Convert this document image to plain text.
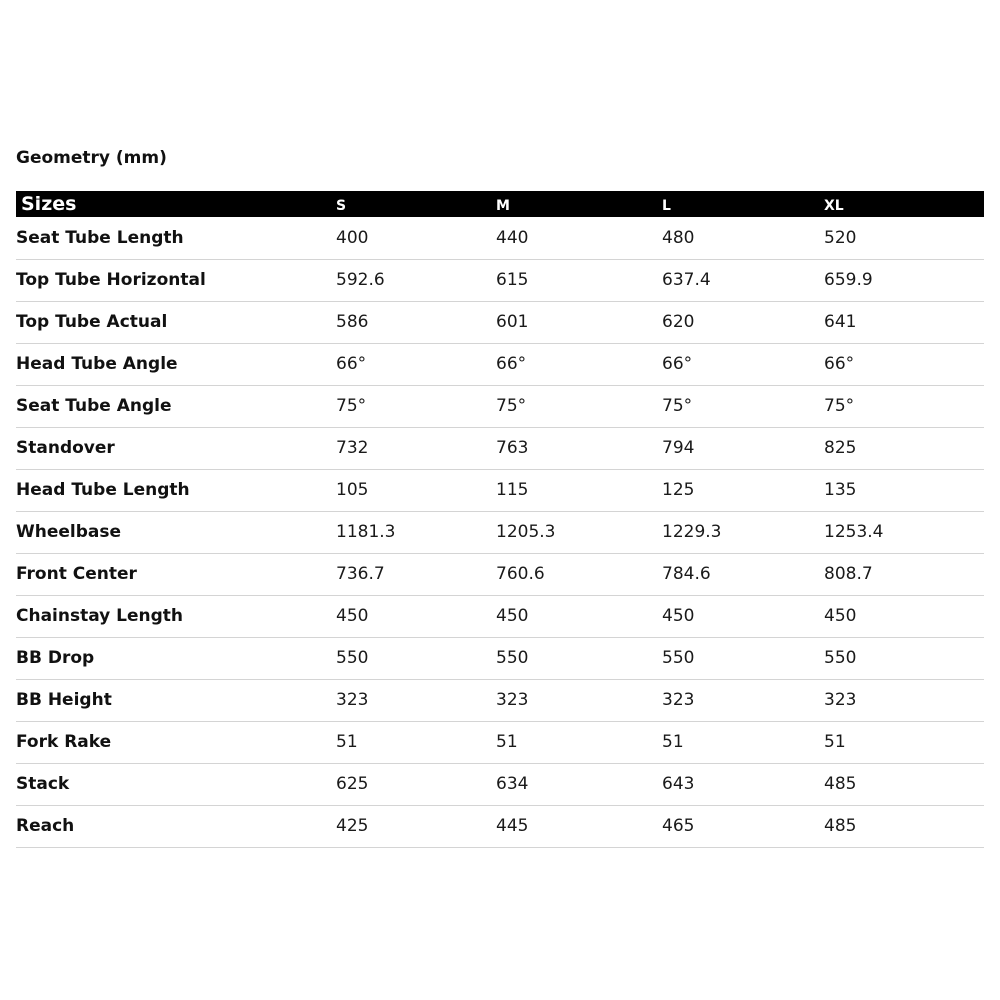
Geometry (mm)
Sizes	S	M	L	XL
Seat Tube Length	400	440	480	520
Top Tube Horizontal	592.6	615	637.4	659.9
Top Tube Actual	586	601	620	641
Head Tube Angle	66°	66°	66°	66°
Seat Tube Angle	75°	75°	75°	75°
Standover	732	763	794	825
Head Tube Length	105	115	125	135
Wheelbase	1181.3	1205.3	1229.3	1253.4
Front Center	736.7	760.6	784.6	808.7
Chainstay Length	450	450	450	450
BB Drop	550	550	550	550
BB Height	323	323	323	323
Fork Rake	51	51	51	51
Stack	625	634	643	485
Reach	425	445	465	485
